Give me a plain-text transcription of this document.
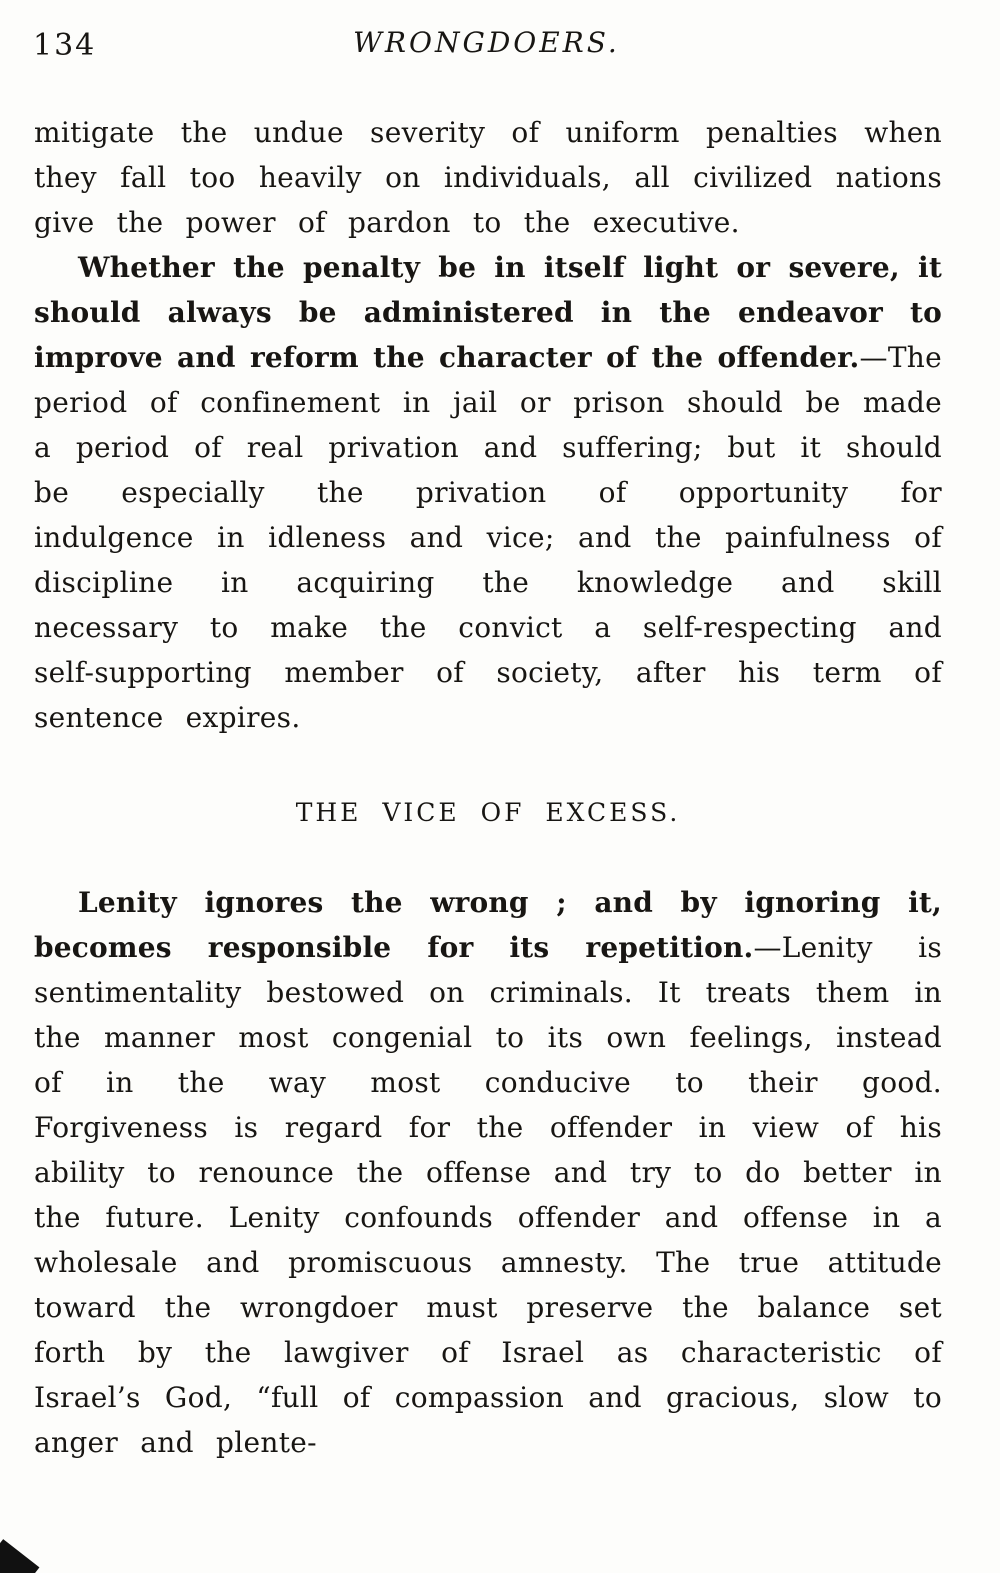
134	WRONGDOERS.

mitigate the undue severity of uniform penalties when they fall too heavily on individuals, all civilized nations give the power of pardon to the executive.

Whether the penalty be in itself light or severe, it should always be administered in the endeavor to improve and reform the character of the offender.—The period of confinement in jail or prison should be made a period of real privation and suffering; but it should be especially the privation of opportunity for indulgence in idleness and vice; and the painfulness of discipline in acquiring the knowledge and skill necessary to make the convict a self-respecting and self-supporting member of society, after his term of sentence expires.

THE VICE OF EXCESS.

Lenity ignores the wrong ; and by ignoring it, becomes responsible for its repetition.—Lenity is sentimentality bestowed on criminals. It treats them in the manner most congenial to its own feelings, instead of in the way most conducive to their good. Forgiveness is regard for the offender in view of his ability to renounce the offense and try to do better in the future. Lenity confounds offender and offense in a wholesale and promiscuous amnesty. The true attitude toward the wrongdoer must preserve the balance set forth by the lawgiver of Israel as characteristic of Israel’s God, “full of compassion and gracious, slow to anger and plente-
